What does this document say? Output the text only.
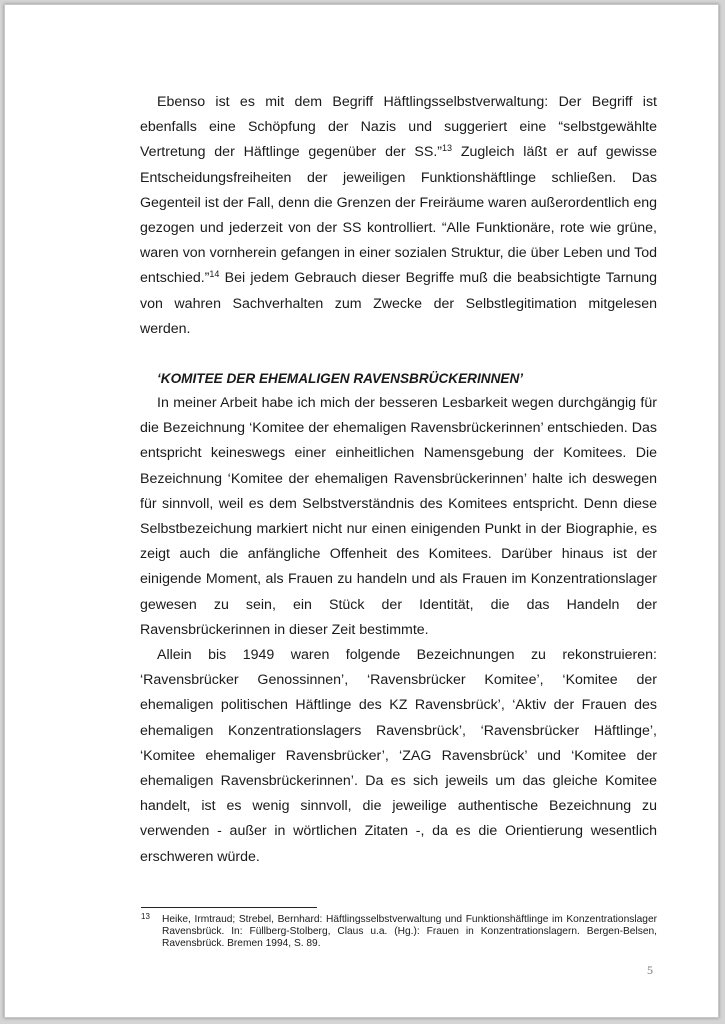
Ebenso ist es mit dem Begriff Häftlingsselbstverwaltung: Der Begriff ist ebenfalls eine Schöpfung der Nazis und suggeriert eine “selbstgewählte Vertretung der Häftlinge gegenüber der SS.”$^{13}$ Zugleich läßt er auf gewisse Entscheidungsfreiheiten der jeweiligen Funktionshäftlinge schließen. Das Gegenteil ist der Fall, denn die Grenzen der Freiräume waren außerordentlich eng gezogen und jederzeit von der SS kontrolliert. “Alle Funktionäre, rote wie grüne, waren von vornherein gefangen in einer sozialen Struktur, die über Leben und Tod entschied.”$^{14}$ Bei jedem Gebrauch dieser Begriffe muß die beabsichtigte Tarnung von wahren Sachverhalten zum Zwecke der Selbstlegitimation mitgelesen werden.

‘KOMITEE DER EHEMALIGEN RAVENSBRÜCKERINNEN’

In meiner Arbeit habe ich mich der besseren Lesbarkeit wegen durchgängig für die Bezeichnung ‘Komitee der ehemaligen Ravensbrückerinnen’ entschieden. Das entspricht keineswegs einer einheitlichen Namensgebung der Komitees. Die Bezeichnung ‘Komitee der ehemaligen Ravensbrückerinnen’ halte ich deswegen für sinnvoll, weil es dem Selbstverständnis des Komitees entspricht. Denn diese Selbstbezeichung markiert nicht nur einen einigenden Punkt in der Biographie, es zeigt auch die anfängliche Offenheit des Komitees. Darüber hinaus ist der einigende Moment, als Frauen zu handeln und als Frauen im Konzentrationslager gewesen zu sein, ein Stück der Identität, die das Handeln der Ravensbrückerinnen in dieser Zeit bestimmte.

Allein bis 1949 waren folgende Bezeichnungen zu rekonstruieren: ‘Ravensbrücker Genossinnen’, ‘Ravensbrücker Komitee’, ‘Komitee der ehemaligen politischen Häftlinge des KZ Ravensbrück’, ‘Aktiv der Frauen des ehemaligen Konzentrationslagers Ravensbrück’, ‘Ravensbrücker Häftlinge’, ‘Komitee ehemaliger Ravensbrücker’, ‘ZAG Ravensbrück’ und ‘Komitee der ehemaligen Ravensbrückerinnen’. Da es sich jeweils um das gleiche Komitee handelt, ist es wenig sinnvoll, die jeweilige authentische Bezeichnung zu verwenden - außer in wörtlichen Zitaten -, da es die Orientierung wesentlich erschweren würde.

$^{13}$	Heike, Irmtraud; Strebel, Bernhard: Häftlingsselbstverwaltung und Funktionshäftlinge im Konzentrationslager Ravensbrück. In: Füllberg-Stolberg, Claus u.a. (Hg.): Frauen in Konzentrationslagern. Bergen-Belsen, Ravensbrück. Bremen 1994, S. 89.
5
